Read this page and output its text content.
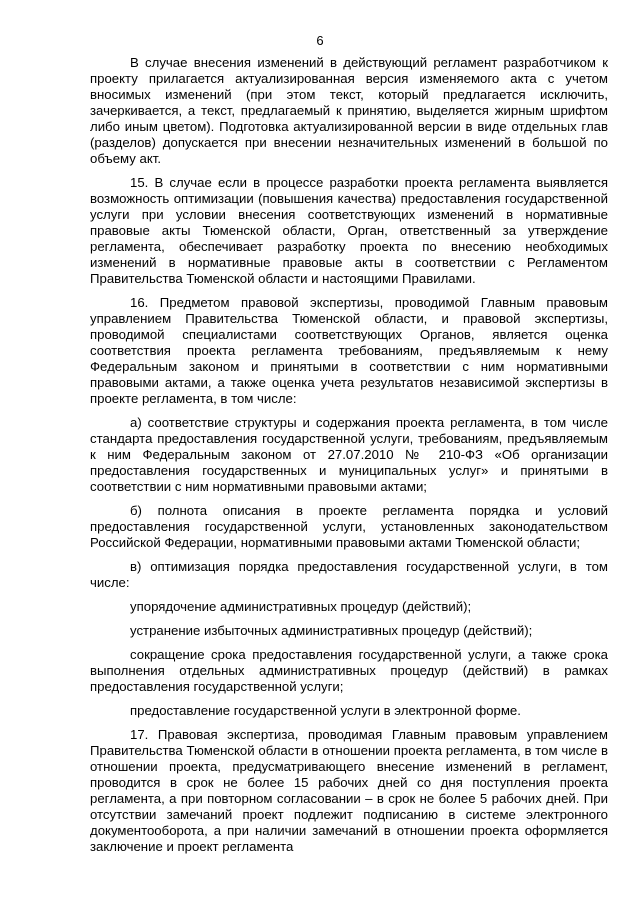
6

В случае внесения изменений в действующий регламент разработчиком к проекту прилагается актуализированная версия изменяемого акта с учетом вносимых изменений (при этом текст, который предлагается исключить, зачеркивается, а текст, предлагаемый к принятию, выделяется жирным шрифтом либо иным цветом). Подготовка актуализированной версии в виде отдельных глав (разделов) допускается при внесении незначительных изменений в большой по объему акт.

15. В случае если в процессе разработки проекта регламента выявляется возможность оптимизации (повышения качества) предоставления государственной услуги при условии внесения соответствующих изменений в нормативные правовые акты Тюменской области, Орган, ответственный за утверждение регламента, обеспечивает разработку проекта по внесению необходимых изменений в нормативные правовые акты в соответствии с Регламентом Правительства Тюменской области и настоящими Правилами.

16. Предметом правовой экспертизы, проводимой Главным правовым управлением Правительства Тюменской области, и правовой экспертизы, проводимой специалистами соответствующих Органов, является оценка соответствия проекта регламента требованиям, предъявляемым к нему Федеральным законом и принятыми в соответствии с ним нормативными правовыми актами, а также оценка учета результатов независимой экспертизы в проекте регламента, в том числе:

а) соответствие структуры и содержания проекта регламента, в том числе стандарта предоставления государственной услуги, требованиям, предъявляемым к ним Федеральным законом от 27.07.2010 № 210-ФЗ «Об организации предоставления государственных и муниципальных услуг» и принятыми в соответствии с ним нормативными правовыми актами;

б) полнота описания в проекте регламента порядка и условий предоставления государственной услуги, установленных законодательством Российской Федерации, нормативными правовыми актами Тюменской области;

в) оптимизация порядка предоставления государственной услуги, в том числе:

упорядочение административных процедур (действий);

устранение избыточных административных процедур (действий);

сокращение срока предоставления государственной услуги, а также срока выполнения отдельных административных процедур (действий) в рамках предоставления государственной услуги;

предоставление государственной услуги в электронной форме.

17. Правовая экспертиза, проводимая Главным правовым управлением Правительства Тюменской области в отношении проекта регламента, в том числе в отношении проекта, предусматривающего внесение изменений в регламент, проводится в срок не более 15 рабочих дней со дня поступления проекта регламента, а при повторном согласовании – в срок не более 5 рабочих дней. При отсутствии замечаний проект подлежит подписанию в системе электронного документооборота, а при наличии замечаний в отношении проекта оформляется заключение и проект регламента
